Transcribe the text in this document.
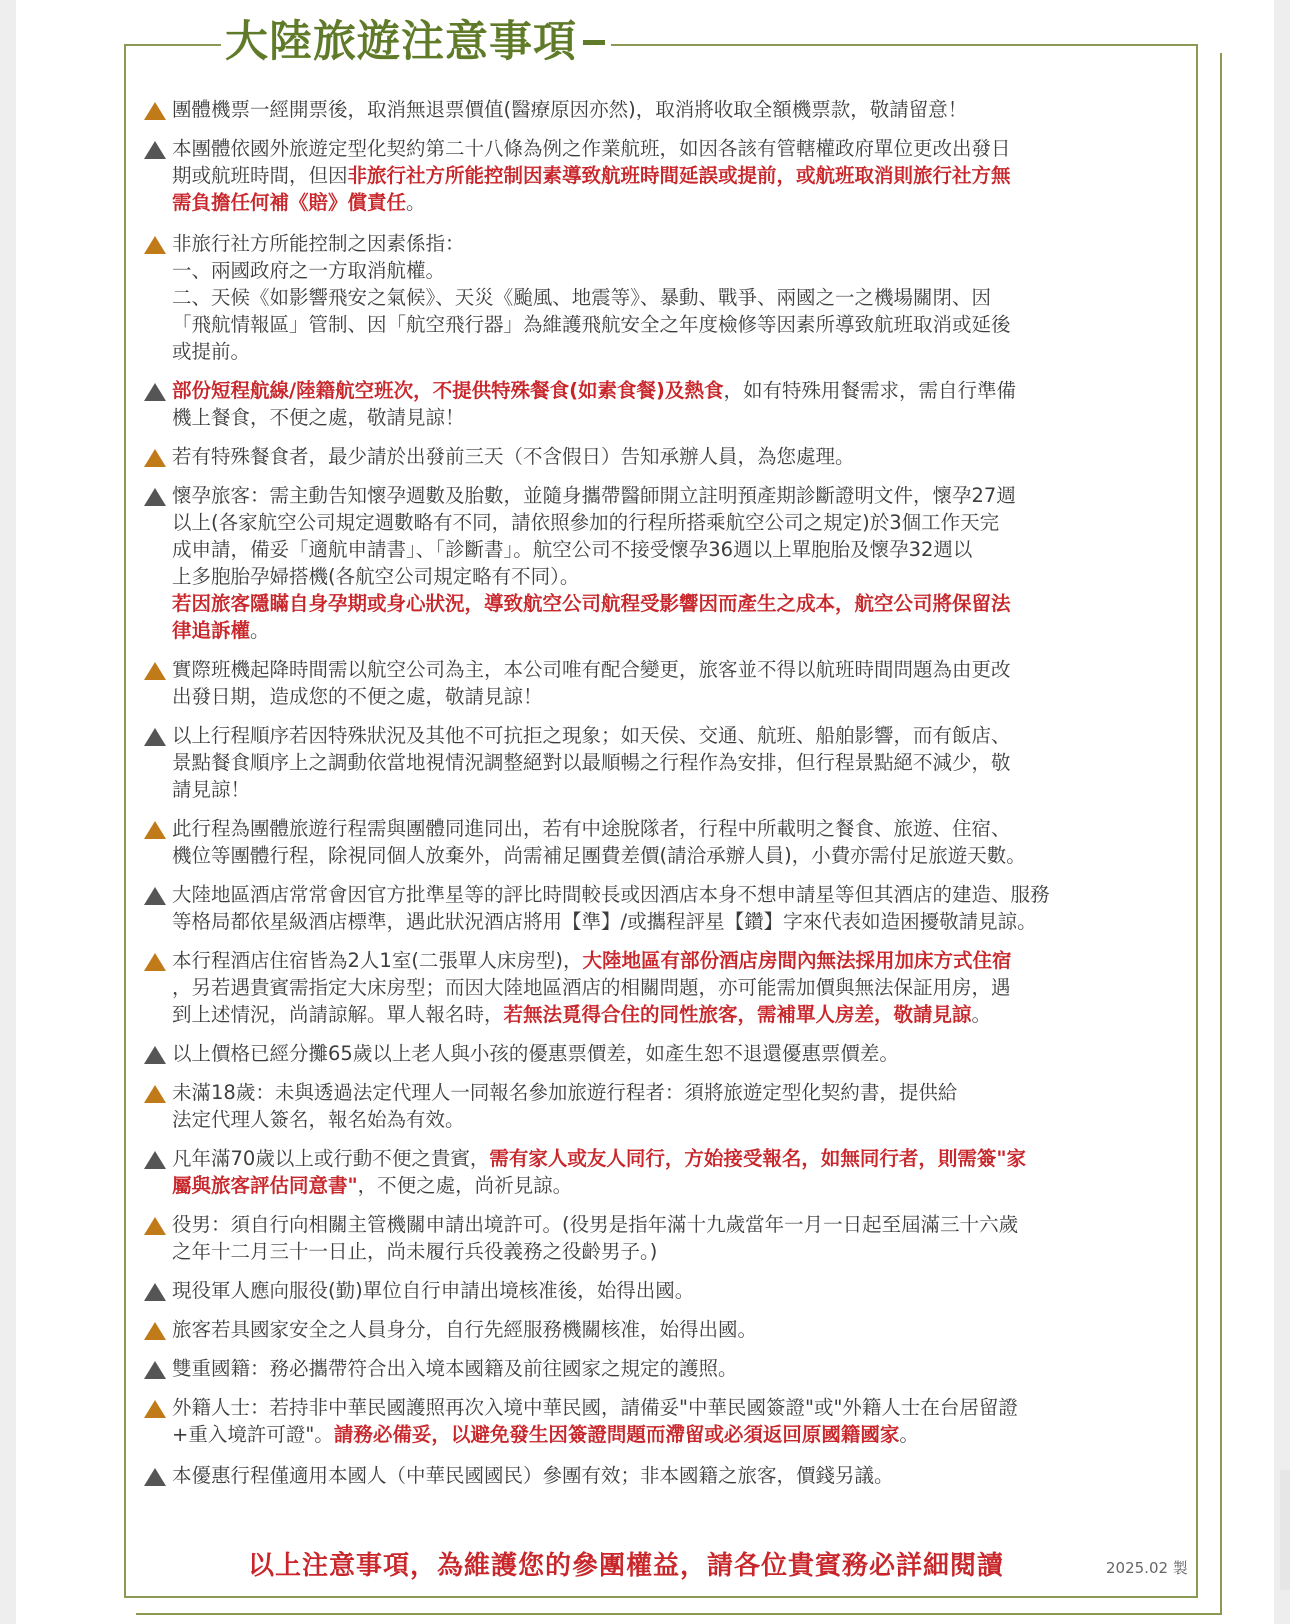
大陸旅遊注意事項
團體機票一經開票後，取消無退票價值(醫療原因亦然)，取消將收取全額機票款，敬請留意！
本團體依國外旅遊定型化契約第二十八條為例之作業航班，如因各該有管轄權政府單位更改出發日
期或航班時間，但因非旅行社方所能控制因素導致航班時間延誤或提前，或航班取消則旅行社方無
需負擔任何補《賠》償責任。
非旅行社方所能控制之因素係指：
一、兩國政府之一方取消航權。
二、天候《如影響飛安之氣候》、天災《颱風、地震等》、暴動、戰爭、兩國之一之機場關閉、因
「飛航情報區」管制、因「航空飛行器」為維護飛航安全之年度檢修等因素所導致航班取消或延後
或提前。
部份短程航線/陸籍航空班次，不提供特殊餐食(如素食餐)及熱食，如有特殊用餐需求，需自行準備
機上餐食，不便之處，敬請見諒！
若有特殊餐食者，最少請於出發前三天（不含假日）告知承辦人員，為您處理。
懷孕旅客：需主動告知懷孕週數及胎數，並隨身攜帶醫師開立註明預產期診斷證明文件，懷孕27週
以上(各家航空公司規定週數略有不同，請依照參加的行程所搭乘航空公司之規定)於3個工作天完
成申請，備妥「適航申請書」、「診斷書」。航空公司不接受懷孕36週以上單胞胎及懷孕32週以
上多胞胎孕婦搭機(各航空公司規定略有不同）。
若因旅客隱瞞自身孕期或身心狀況，導致航空公司航程受影響因而產生之成本，航空公司將保留法
律追訴權。
實際班機起降時間需以航空公司為主，本公司唯有配合變更，旅客並不得以航班時間問題為由更改
出發日期，造成您的不便之處，敬請見諒！
以上行程順序若因特殊狀況及其他不可抗拒之現象；如天侯、交通、航班、船舶影響，而有飯店、
景點餐食順序上之調動依當地視情況調整絕對以最順暢之行程作為安排，但行程景點絕不減少，敬
請見諒！
此行程為團體旅遊行程需與團體同進同出，若有中途脫隊者，行程中所載明之餐食、旅遊、住宿、
機位等團體行程，除視同個人放棄外，尚需補足團費差價(請洽承辦人員)，小費亦需付足旅遊天數。
大陸地區酒店常常會因官方批準星等的評比時間較長或因酒店本身不想申請星等但其酒店的建造、服務
等格局都依星級酒店標準，遇此狀況酒店將用【準】/或攜程評星【鑽】字來代表如造困擾敬請見諒。
本行程酒店住宿皆為2人1室(二張單人床房型)，大陸地區有部份酒店房間內無法採用加床方式住宿
，另若遇貴賓需指定大床房型；而因大陸地區酒店的相關問題，亦可能需加價與無法保証用房，遇
到上述情況，尚請諒解。單人報名時，若無法覓得合住的同性旅客，需補單人房差，敬請見諒。
以上價格已經分攤65歲以上老人與小孩的優惠票價差，如產生恕不退還優惠票價差。
未滿18歲：未與透過法定代理人一同報名參加旅遊行程者：須將旅遊定型化契約書，提供給
法定代理人簽名，報名始為有效。
凡年滿70歲以上或行動不便之貴賓，需有家人或友人同行，方始接受報名，如無同行者，則需簽"家
屬與旅客評估同意書"，不便之處，尚祈見諒。
役男：須自行向相關主管機關申請出境許可。(役男是指年滿十九歲當年一月一日起至屆滿三十六歲
之年十二月三十一日止，尚未履行兵役義務之役齡男子。)
現役軍人應向服役(勤)單位自行申請出境核准後，始得出國。
旅客若具國家安全之人員身分，自行先經服務機關核准，始得出國。
雙重國籍：務必攜帶符合出入境本國籍及前往國家之規定的護照。
外籍人士：若持非中華民國護照再次入境中華民國，請備妥"中華民國簽證"或"外籍人士在台居留證
+重入境許可證"。請務必備妥，以避免發生因簽證問題而滯留或必須返回原國籍國家。
本優惠行程僅適用本國人（中華民國國民）參團有效；非本國籍之旅客，價錢另議。
以上注意事項，為維護您的參團權益，請各位貴賓務必詳細閱讀	2025.02 製
